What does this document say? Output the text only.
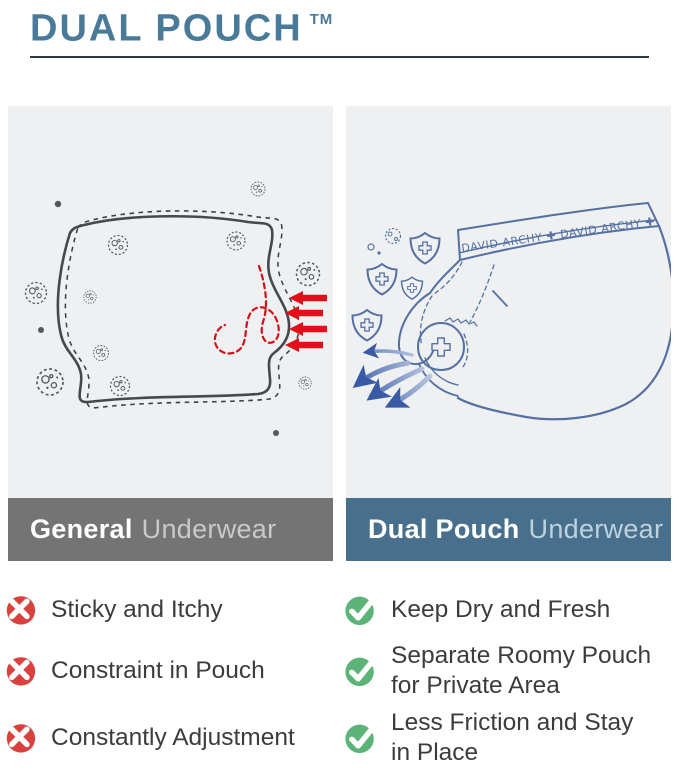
DUAL POUCH ™
DAVID ARCHY ✚ DAVID ARCHY ✚
General Underwear	Dual Pouch Underwear
Sticky and Itchy	Keep Dry and Fresh
Constraint in Pouch
Separate Roomy Pouch for Private Area
Constantly Adjustment
Less Friction and Stay in Place
